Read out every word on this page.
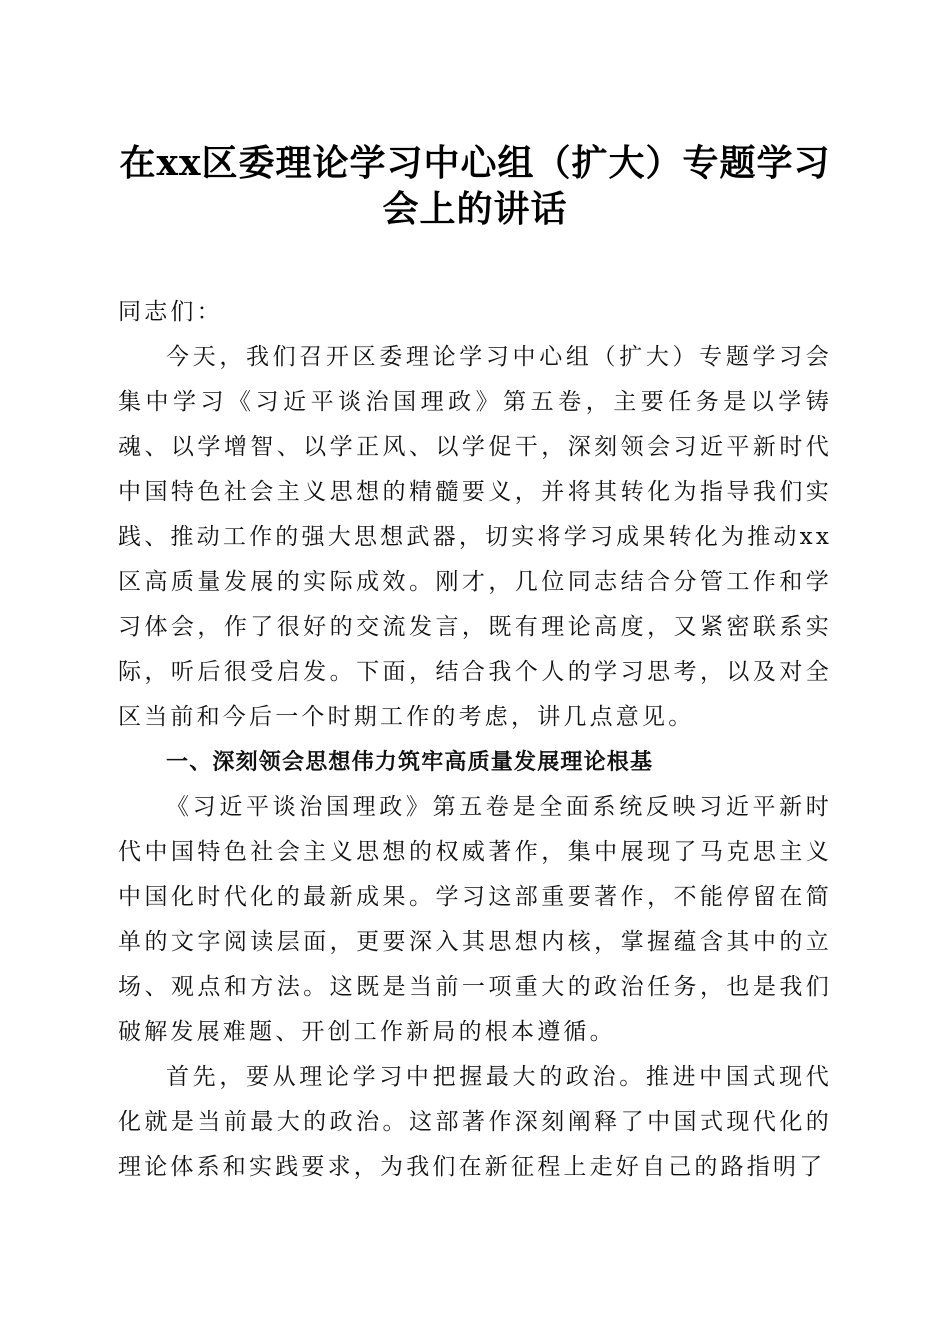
在xx区委理论学习中心组（扩大）专题学习
会上的讲话

同志们：

今天，我们召开区委理论学习中心组（扩大）专题学习会集中学习《习近平谈治国理政》第五卷，主要任务是以学铸魂、以学增智、以学正风、以学促干，深刻领会习近平新时代中国特色社会主义思想的精髓要义，并将其转化为指导我们实践、推动工作的强大思想武器，切实将学习成果转化为推动xx区高质量发展的实际成效。刚才，几位同志结合分管工作和学习体会，作了很好的交流发言，既有理论高度，又紧密联系实际，听后很受启发。下面，结合我个人的学习思考，以及对全区当前和今后一个时期工作的考虑，讲几点意见。

一、深刻领会思想伟力筑牢高质量发展理论根基

《习近平谈治国理政》第五卷是全面系统反映习近平新时代中国特色社会主义思想的权威著作，集中展现了马克思主义中国化时代化的最新成果。学习这部重要著作，不能停留在简单的文字阅读层面，更要深入其思想内核，掌握蕴含其中的立场、观点和方法。这既是当前一项重大的政治任务，也是我们破解发展难题、开创工作新局的根本遵循。

首先，要从理论学习中把握最大的政治。推进中国式现代化就是当前最大的政治。这部著作深刻阐释了中国式现代化的理论体系和实践要求，为我们在新征程上走好自己的路指明了
